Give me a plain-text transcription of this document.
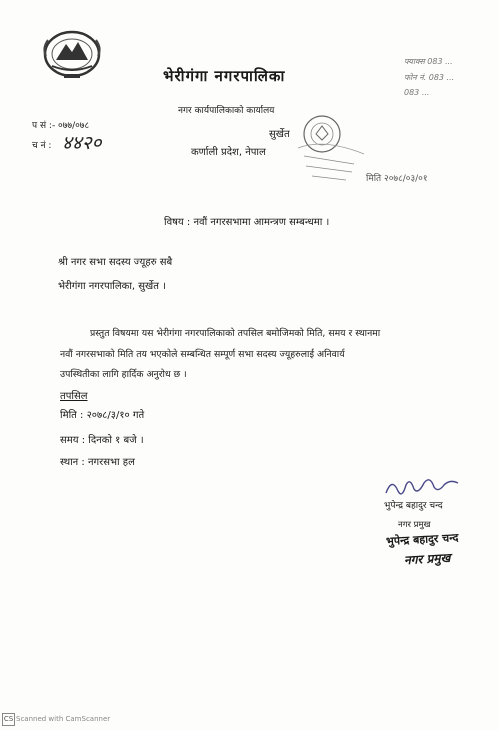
भेरीगंगा नगरपालिका
नगर कार्यपालिकाको कार्यालय
सुर्खेत
कर्णाली प्रदेश, नेपाल
फ्याक्स 083 ...
फोन नं. 083 ...
083 ...
प सं :- ०७७/०७८
च नं : ४४२०
मिति २०७८/०३/०१
विषय : नवौं नगरसभामा आमन्त्रण सम्बन्धमा ।
श्री नगर सभा सदस्य ज्यूहरु सबै
भेरीगंगा नगरपालिका, सुर्खेत ।
प्रस्तुत विषयमा यस भेरीगंगा नगरपालिकाको तपसिल बमोजिमको मिति, समय र स्थानमा
नवौं नगरसभाको मिति तय भएकोले सम्बन्धित सम्पूर्ण सभा सदस्य ज्यूहरुलाई अनिवार्य
उपस्थितीका लागि हार्दिक अनुरोध छ ।
तपसिल
मिति : २०७८/३/१० गते
समय : दिनको १ बजे ।
स्थान : नगरसभा हल
भुपेन्द्र बहादुर चन्द
नगर प्रमुख
भुपेन्द्र बहादुर चन्द
नगर प्रमुख
CS Scanned with CamScanner
